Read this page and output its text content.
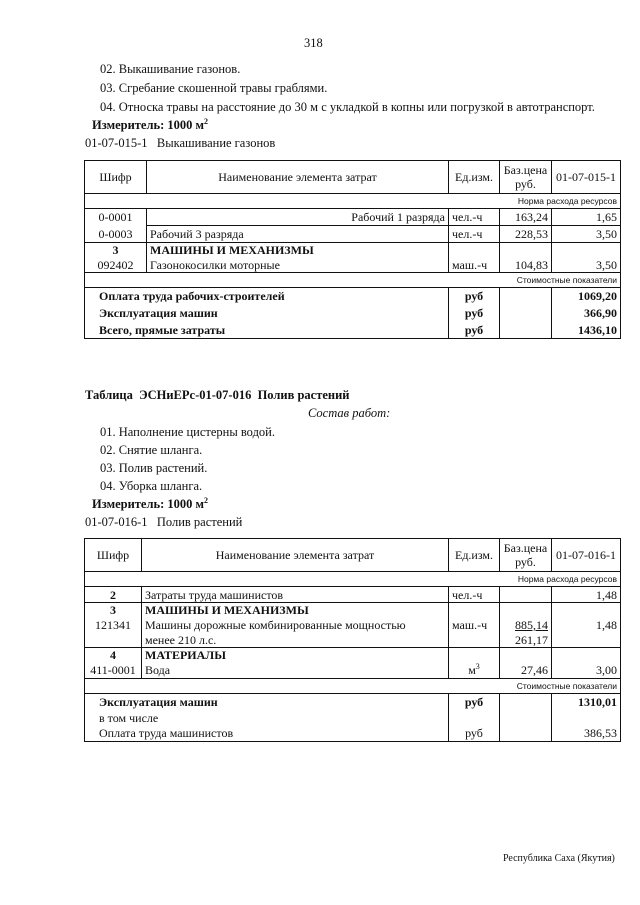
318
02. Выкашивание газонов.
03. Сгребание скошенной травы граблями.
04. Относка травы на расстояние до 30 м с укладкой в копны или погрузкой в автотранспорт.
Измеритель: 1000 $м^2$
01-07-015-1   Выкашивание газонов
Шифр	Наименование элемента затрат	Ед.изм.	Баз.цена руб.	01-07-015-1
Норма расхода ресурсов				
0-0001	Рабочий 1 разряда	чел.-ч	163,24	1,65
0-0003	Рабочий 3 разряда	чел.-ч	228,53	3,50
3	МАШИНЫ И МЕХАНИЗМЫ			
092402	Газонокосилки моторные	маш.-ч	104,83	3,50
Стоимостные показатели				
Оплата труда рабочих-строителей		руб		1069,20
Эксплуатация машин		руб		366,90
Всего, прямые затраты		руб		1436,10
Таблица  ЭСНиЕРс-01-07-016  Полив растений
Состав работ:
01. Наполнение цистерны водой.
02. Снятие шланга.
03. Полив растений.
04. Уборка шланга.
Измеритель: 1000 $м^2$
01-07-016-1   Полив растений
Шифр	Наименование элемента затрат	Ед.изм.	Баз.цена руб.	01-07-016-1
Норма расхода ресурсов				
2	Затраты труда машинистов	чел.-ч		1,48
3	МАШИНЫ И МЕХАНИЗМЫ			
121341	Машины дорожные комбинированные мощностью	маш.-ч	885,14	1,48
	менее 210 л.с.		261,17	
4	МАТЕРИАЛЫ			
411-0001	Вода	$м^3$	27,46	3,00
Стоимостные показатели				
Эксплуатация машин		руб		1310,01
в том числе				
Оплата труда машинистов		руб		386,53
Республика Саха (Якутия)
